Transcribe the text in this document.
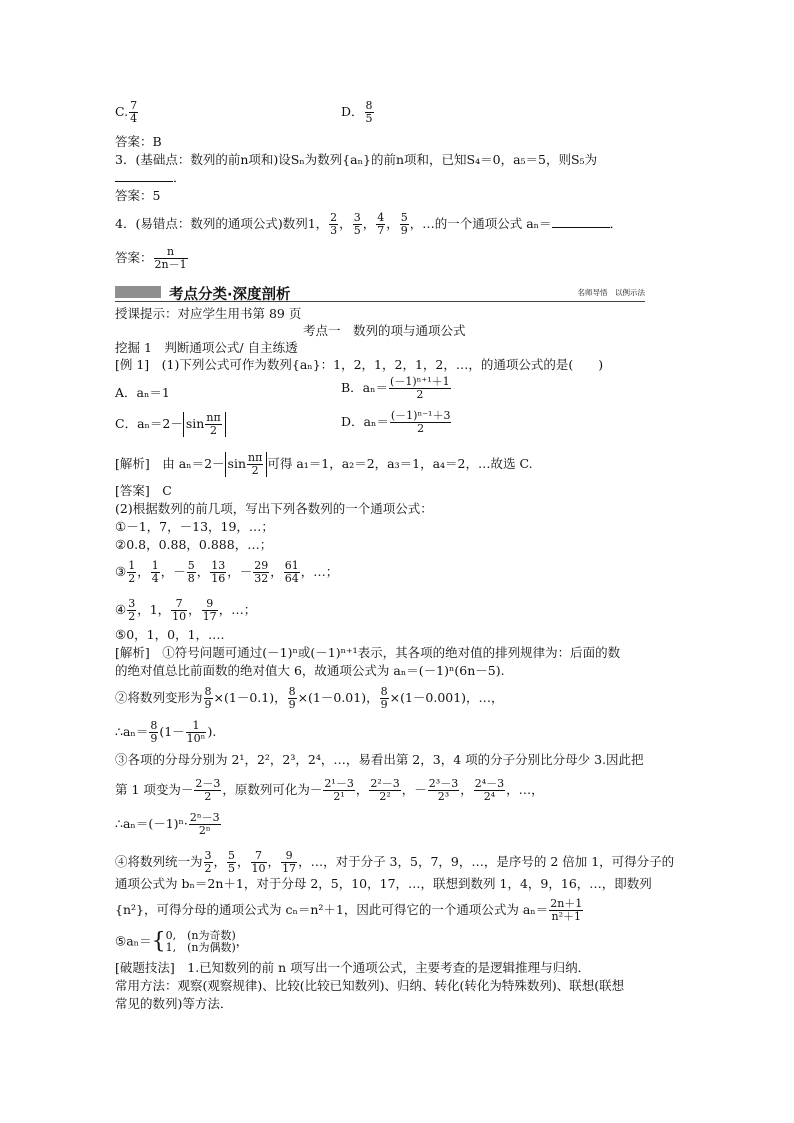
C. $\frac{7}{4}$	D． $\frac{8}{5}$
答案：B
3．(基础点：数列的前n项和)设Sₙ为数列{aₙ}的前n项和，已知S₄＝0，a₅＝5，则S₅为
．
答案：5
4．(易错点：数列的通项公式)数列1， $\frac{2}{3}$ ， $\frac{3}{5}$ ， $\frac{4}{7}$ ， $\frac{5}{9}$ ，…的一个通项公式 aₙ＝	．
答案： $\frac{n}{2n-1}$
考点分类·深度剖析	名师导悟　以例示法
授课提示：对应学生用书第 89 页
考点一　数列的项与通项公式
挖掘 1　判断通项公式/ 自主练透
[例 1]　(1)下列公式可作为数列{aₙ}：1，2，1，2，1，2，…，的通项公式的是(　　)
A．aₙ＝1	B．$a_n= \frac{\text{(－1)ⁿ⁺¹＋1}}{2}$
C．$a_n=2- \sin \frac{n\pi}{2}$	D．$a_n= \frac{\text{(－1)ⁿ⁻¹＋3}}{2}$
[解析]　由 $a_n=2- \sin \frac{n\pi}{2}$ 可得 a₁＝1，a₂＝2，a₃＝1，a₄＝2，…故选 C.
[答案]　C
(2)根据数列的前几项，写出下列各数列的一个通项公式：
①－1，7，－13，19，…；
②0.8，0.88，0.888，…；
③ $\frac{1}{2}$ ， $\frac{1}{4}$ ，－ $\frac{5}{8}$ ， $\frac{13}{16}$ ，－ $\frac{29}{32}$ ， $\frac{61}{64}$ ，…；
④ $\frac{3}{2}$ ，1， $\frac{7}{10}$ ， $\frac{9}{17}$ ，…；
⑤0，1，0，1，….
[解析]　①符号问题可通过(－1)ⁿ或(－1)ⁿ⁺¹表示，其各项的绝对值的排列规律为：后面的数
的绝对值总比前面数的绝对值大 6，故通项公式为 aₙ＝(－1)ⁿ(6n－5).
②将数列变形为 $\frac{8}{9} \times(1-0.1)$， $\frac{8}{9} \times(1-0.01)$， $\frac{8}{9} \times(1-0.001)$，…，
∴aₙ＝ $\frac{8}{9} (1- \frac{1}{\text{10ⁿ}}$ ).
③各项的分母分别为 2¹，2²，2³，2⁴，…，易看出第 2，3，4 项的分子分别比分母少 3.因此把
第 1 项变为－ $\frac{2-3}{2}$ ，原数列可化为－ $\frac{\text{2¹－3}}{\text{2¹}}$ ， $\frac{\text{2²－3}}{\text{2²}}$ ，－ $\frac{\text{2³－3}}{\text{2³}}$ ， $\frac{\text{2⁴－3}}{\text{2⁴}}$ ，…，
∴aₙ＝(－1)ⁿ· $\frac{\text{2ⁿ－3}}{\text{2ⁿ}}$
④将数列统一为 $\frac{3}{2}$ ， $\frac{5}{5}$ ， $\frac{7}{10}$ ， $\frac{9}{17}$ ，…，对于分子 3，5，7，9，…，是序号的 2 倍加 1，可得分子的
通项公式为 bₙ＝2n＋1，对于分母 2，5，10，17，…，联想到数列 1，4，9，16，…，即数列
{n²}，可得分母的通项公式为 cₙ＝n²＋1，因此可得它的一个通项公式为 $a_n= \frac{2n+1}{\text{n²＋1}}$
⑤aₙ＝{ 0,　(n为奇数)
1,　(n为偶数) ，
[破题技法]　1.已知数列的前 n 项写出一个通项公式，主要考查的是逻辑推理与归纳．
常用方法：观察(观察规律)、比较(比较已知数列)、归纳、转化(转化为特殊数列)、联想(联想
常见的数列)等方法．
